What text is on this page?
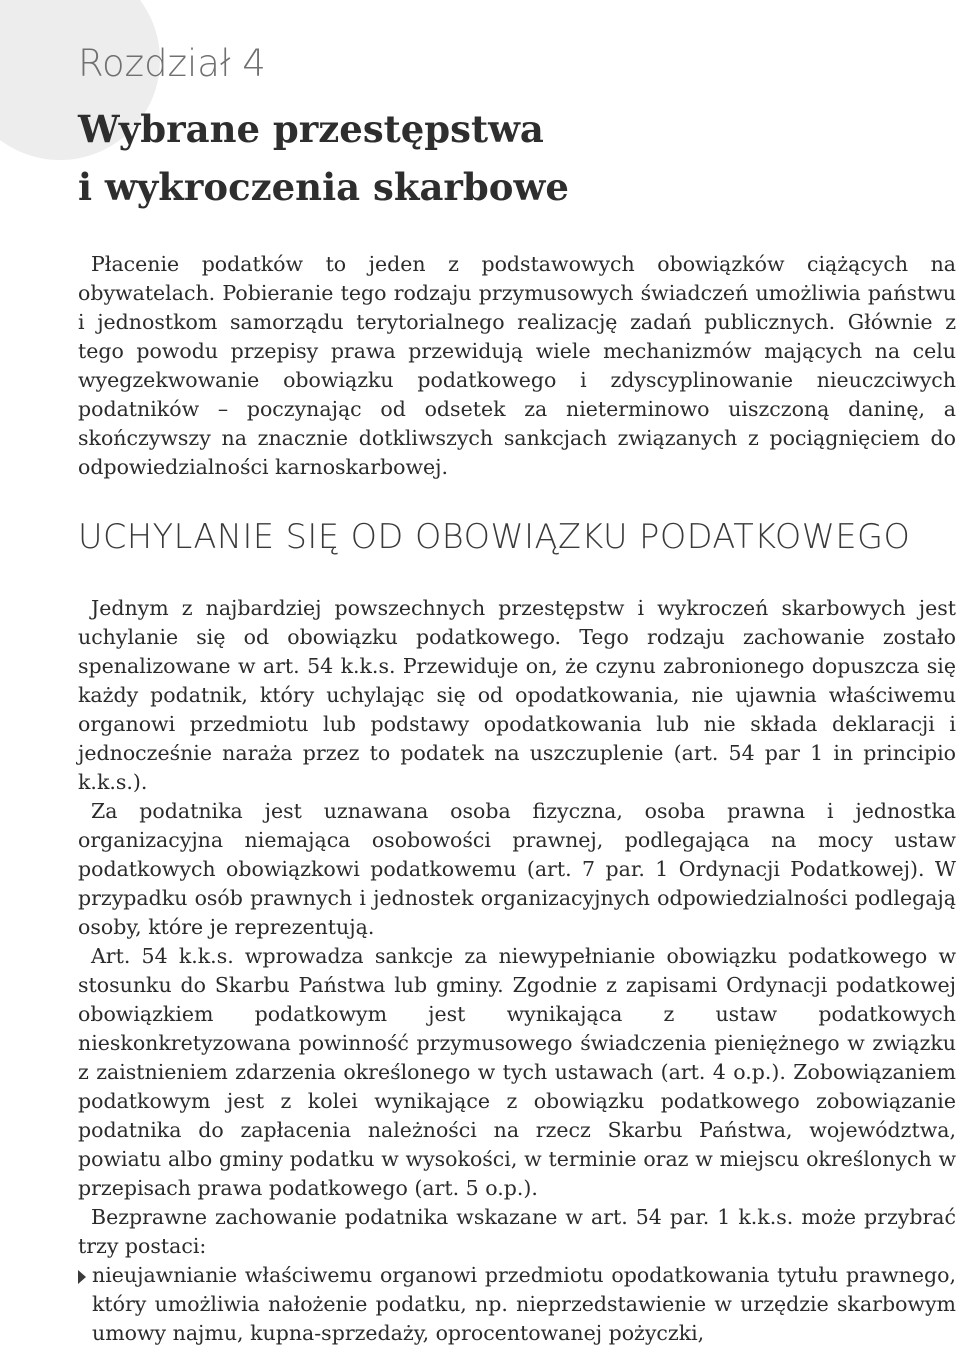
Rozdział 4
Wybrane przestępstwa
i wykroczenia skarbowe

Płacenie podatków to jeden z podstawowych obowiązków ciążących na obywatelach. Pobieranie tego rodzaju przymusowych świadczeń umożliwia państwu i jednostkom samorządu terytorialnego realizację zadań publicznych. Głównie z tego powodu przepisy prawa przewidują wiele mechanizmów mających na celu wyegzekwowanie obowiązku podatkowego i zdyscyplinowanie nieuczciwych podatników – poczynając od odsetek za nieterminowo uiszczoną daninę, a skończywszy na znacznie dotkliwszych sankcjach związanych z pociągnięciem do odpowiedzialności karnoskarbowej.

UCHYLANIE SIĘ OD OBOWIĄZKU PODATKOWEGO

Jednym z najbardziej powszechnych przestępstw i wykroczeń skarbowych jest uchylanie się od obowiązku podatkowego. Tego rodzaju zachowanie zostało spenalizowane w art. 54 k.k.s. Przewiduje on, że czynu zabronionego dopuszcza się każdy podatnik, który uchylając się od opodatkowania, nie ujawnia właściwemu organowi przedmiotu lub podstawy opodatkowania lub nie składa deklaracji i jednocześnie naraża przez to podatek na uszczuplenie (art. 54 par 1 in principio k.k.s.).

Za podatnika jest uznawana osoba fizyczna, osoba prawna i jednostka organizacyjna niemająca osobowości prawnej, podlegająca na mocy ustaw podatkowych obowiązkowi podatkowemu (art. 7 par. 1 Ordynacji Podatkowej). W przypadku osób prawnych i jednostek organizacyjnych odpowiedzialności podlegają osoby, które je reprezentują.

Art. 54 k.k.s. wprowadza sankcje za niewypełnianie obowiązku podatkowego w stosunku do Skarbu Państwa lub gminy. Zgodnie z zapisami Ordynacji podatkowej obowiązkiem podatkowym jest wynikająca z ustaw podatkowych nieskonkretyzowana powinność przymusowego świadczenia pieniężnego w związku z zaistnieniem zdarzenia określonego w tych ustawach (art. 4 o.p.). Zobowiązaniem podatkowym jest z kolei wynikające z obowiązku podatkowego zobowiązanie podatnika do zapłacenia należności na rzecz Skarbu Państwa, województwa, powiatu albo gminy podatku w wysokości, w terminie oraz w miejscu określonych w przepisach prawa podatkowego (art. 5 o.p.).

Bezprawne zachowanie podatnika wskazane w art. 54 par. 1 k.k.s. może przybrać trzy postaci:

nieujawnianie właściwemu organowi przedmiotu opodatkowania tytułu prawnego, który umożliwia nałożenie podatku, np. nieprzedstawienie w urzędzie skarbowym umowy najmu, kupna-sprzedaży, oprocentowanej pożyczki,
